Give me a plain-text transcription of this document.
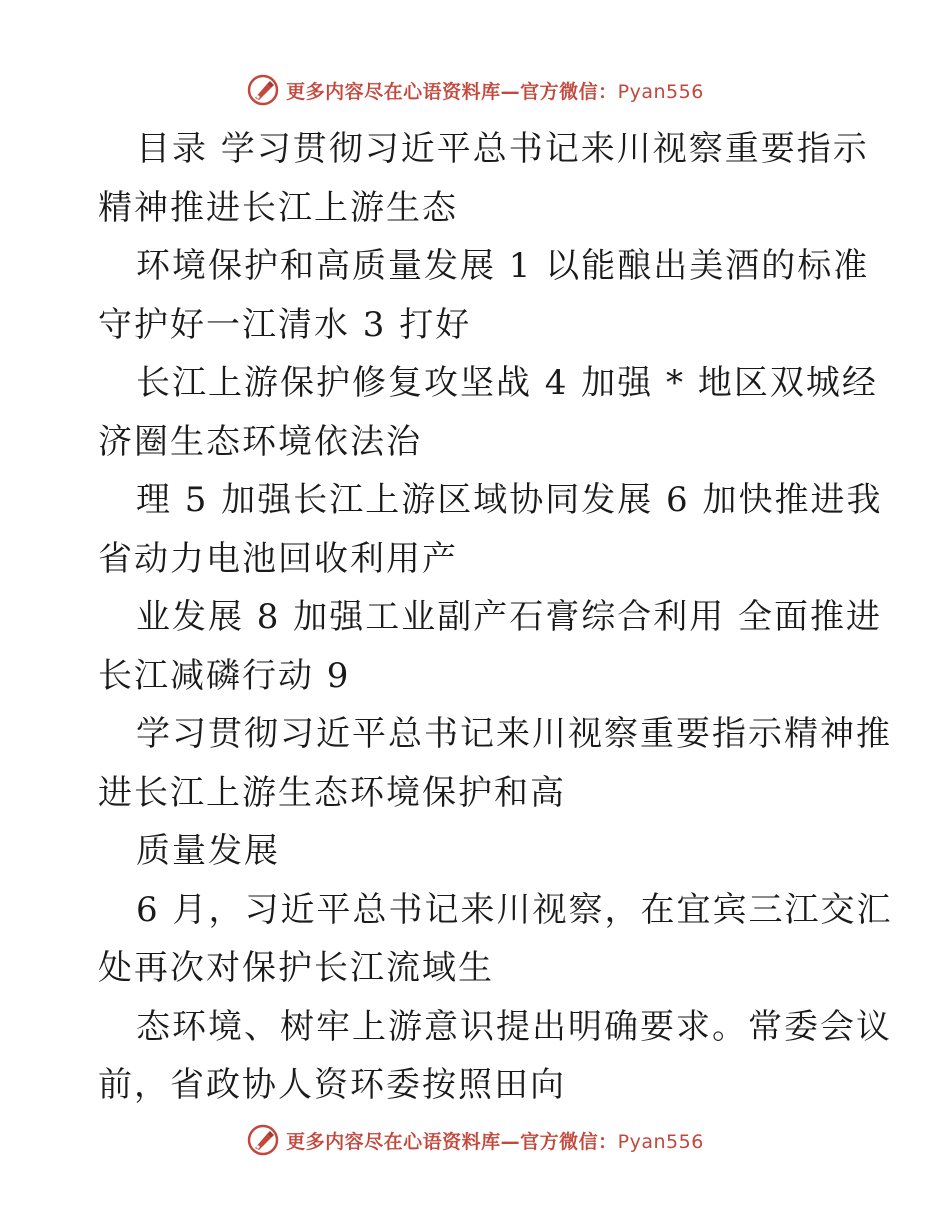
更多内容尽在心语资料库—官方微信：Pyan556
目录 学习贯彻习近平总书记来川视察重要指示
精神推进长江上游生态
环境保护和高质量发展 1 以能酿出美酒的标准
守护好一江清水 3 打好
长江上游保护修复攻坚战 4 加强 * 地区双城经
济圈生态环境依法治
理 5 加强长江上游区域协同发展 6 加快推进我
省动力电池回收利用产
业发展 8 加强工业副产石膏综合利用 全面推进
长江减磷行动 9
学习贯彻习近平总书记来川视察重要指示精神推
进长江上游生态环境保护和高
质量发展
6 月，习近平总书记来川视察，在宜宾三江交汇
处再次对保护长江流域生
态环境、树牢上游意识提出明确要求。常委会议
前，省政协人资环委按照田向
更多内容尽在心语资料库—官方微信：Pyan556
